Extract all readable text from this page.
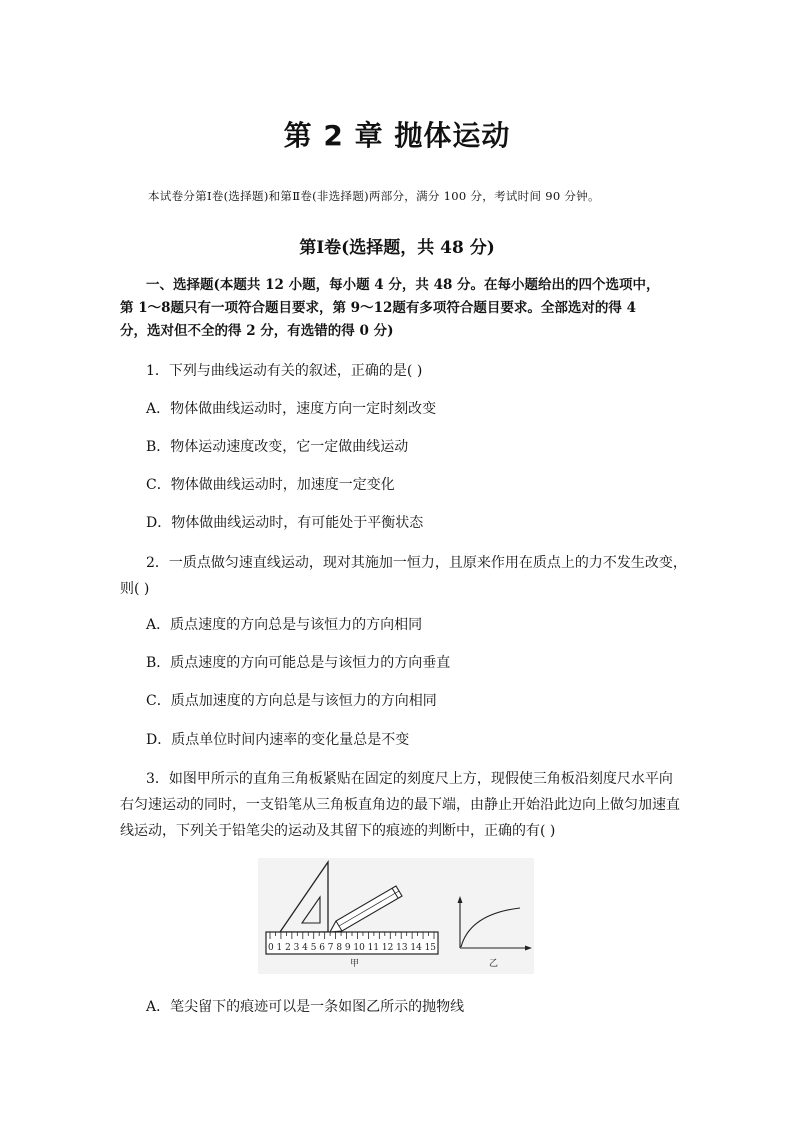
第 2 章 抛体运动
本试卷分第Ⅰ卷(选择题)和第Ⅱ卷(非选择题)两部分，满分 100 分，考试时间 90 分钟。
第Ⅰ卷(选择题，共 48 分)
一、选择题(本题共 12 小题，每小题 4 分，共 48 分。在每小题给出的四个选项中，
第 1～8题只有一项符合题目要求，第 9～12题有多项符合题目要求。全部选对的得 4
分，选对但不全的得 2 分，有选错的得 0 分)
1．下列与曲线运动有关的叙述，正确的是( )
A．物体做曲线运动时，速度方向一定时刻改变
B．物体运动速度改变，它一定做曲线运动
C．物体做曲线运动时，加速度一定变化
D．物体做曲线运动时，有可能处于平衡状态
2．一质点做匀速直线运动，现对其施加一恒力，且原来作用在质点上的力不发生改变，
则( )
A．质点速度的方向总是与该恒力的方向相同
B．质点速度的方向可能总是与该恒力的方向垂直
C．质点加速度的方向总是与该恒力的方向相同
D．质点单位时间内速率的变化量总是不变
3．如图甲所示的直角三角板紧贴在固定的刻度尺上方，现假使三角板沿刻度尺水平向
右匀速运动的同时，一支铅笔从三角板直角边的最下端，由静止开始沿此边向上做匀加速直
线运动，下列关于铅笔尖的运动及其留下的痕迹的判断中，正确的有( )
0 1 2 3 4 5 6 7 8 9 10 11 12 13 14 15
甲	乙
A．笔尖留下的痕迹可以是一条如图乙所示的抛物线
